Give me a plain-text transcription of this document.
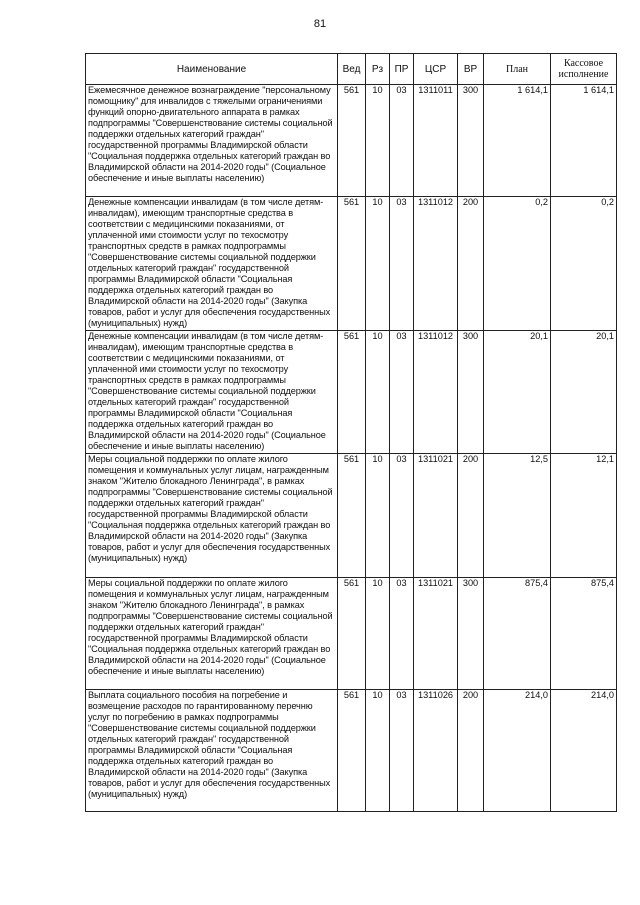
81
Наименование	Вед	Рз	ПР	ЦСР	ВР	План	Кассовое исполнение
Ежемесячное денежное вознаграждение "персональному помощнику" для инвалидов с тяжелыми ограничениями функций опорно-двигательного аппарата в рамках подпрограммы "Совершенствование системы социальной поддержки отдельных категорий граждан" государственной программы Владимирской области "Социальная поддержка отдельных категорий граждан во Владимирской области на 2014-2020 годы" (Социальное обеспечение и иные выплаты населению)	561	10	03	1311011	300	1 614,1	1 614,1
Денежные компенсации инвалидам (в том числе детям-инвалидам), имеющим транспортные средства в соответствии с медицинскими показаниями, от уплаченной ими стоимости услуг по техосмотру транспортных средств в рамках подпрограммы "Совершенствование системы социальной поддержки отдельных категорий граждан" государственной программы Владимирской области "Социальная поддержка отдельных категорий граждан во Владимирской области на 2014-2020 годы" (Закупка товаров, работ и услуг для обеспечения государственных (муниципальных) нужд)	561	10	03	1311012	200	0,2	0,2
Денежные компенсации инвалидам (в том числе детям-инвалидам), имеющим транспортные средства в соответствии с медицинскими показаниями, от уплаченной ими стоимости услуг по техосмотру транспортных средств в рамках подпрограммы "Совершенствование системы социальной поддержки отдельных категорий граждан" государственной программы Владимирской области "Социальная поддержка отдельных категорий граждан во Владимирской области на 2014-2020 годы" (Социальное обеспечение и иные выплаты населению)	561	10	03	1311012	300	20,1	20,1
Меры социальной поддержки по оплате жилого помещения и коммунальных услуг лицам, награжденным знаком "Жителю блокадного Ленинграда", в рамках подпрограммы "Совершенствование системы социальной поддержки отдельных категорий граждан" государственной программы Владимирской области "Социальная поддержка отдельных категорий граждан во Владимирской области на 2014-2020 годы" (Закупка товаров, работ и услуг для обеспечения государственных (муниципальных) нужд)	561	10	03	1311021	200	12,5	12,1
Меры социальной поддержки по оплате жилого помещения и коммунальных услуг лицам, награжденным знаком "Жителю блокадного Ленинграда", в рамках подпрограммы "Совершенствование системы социальной поддержки отдельных категорий граждан" государственной программы Владимирской области "Социальная поддержка отдельных категорий граждан во Владимирской области на 2014-2020 годы" (Социальное обеспечение и иные выплаты населению)	561	10	03	1311021	300	875,4	875,4
Выплата социального пособия на погребение и возмещение расходов по гарантированному перечню услуг по погребению в рамках подпрограммы "Совершенствование системы социальной поддержки отдельных категорий граждан" государственной программы Владимирской области "Социальная поддержка отдельных категорий граждан во Владимирской области на 2014-2020 годы" (Закупка товаров, работ и услуг для обеспечения государственных (муниципальных) нужд)	561	10	03	1311026	200	214,0	214,0
